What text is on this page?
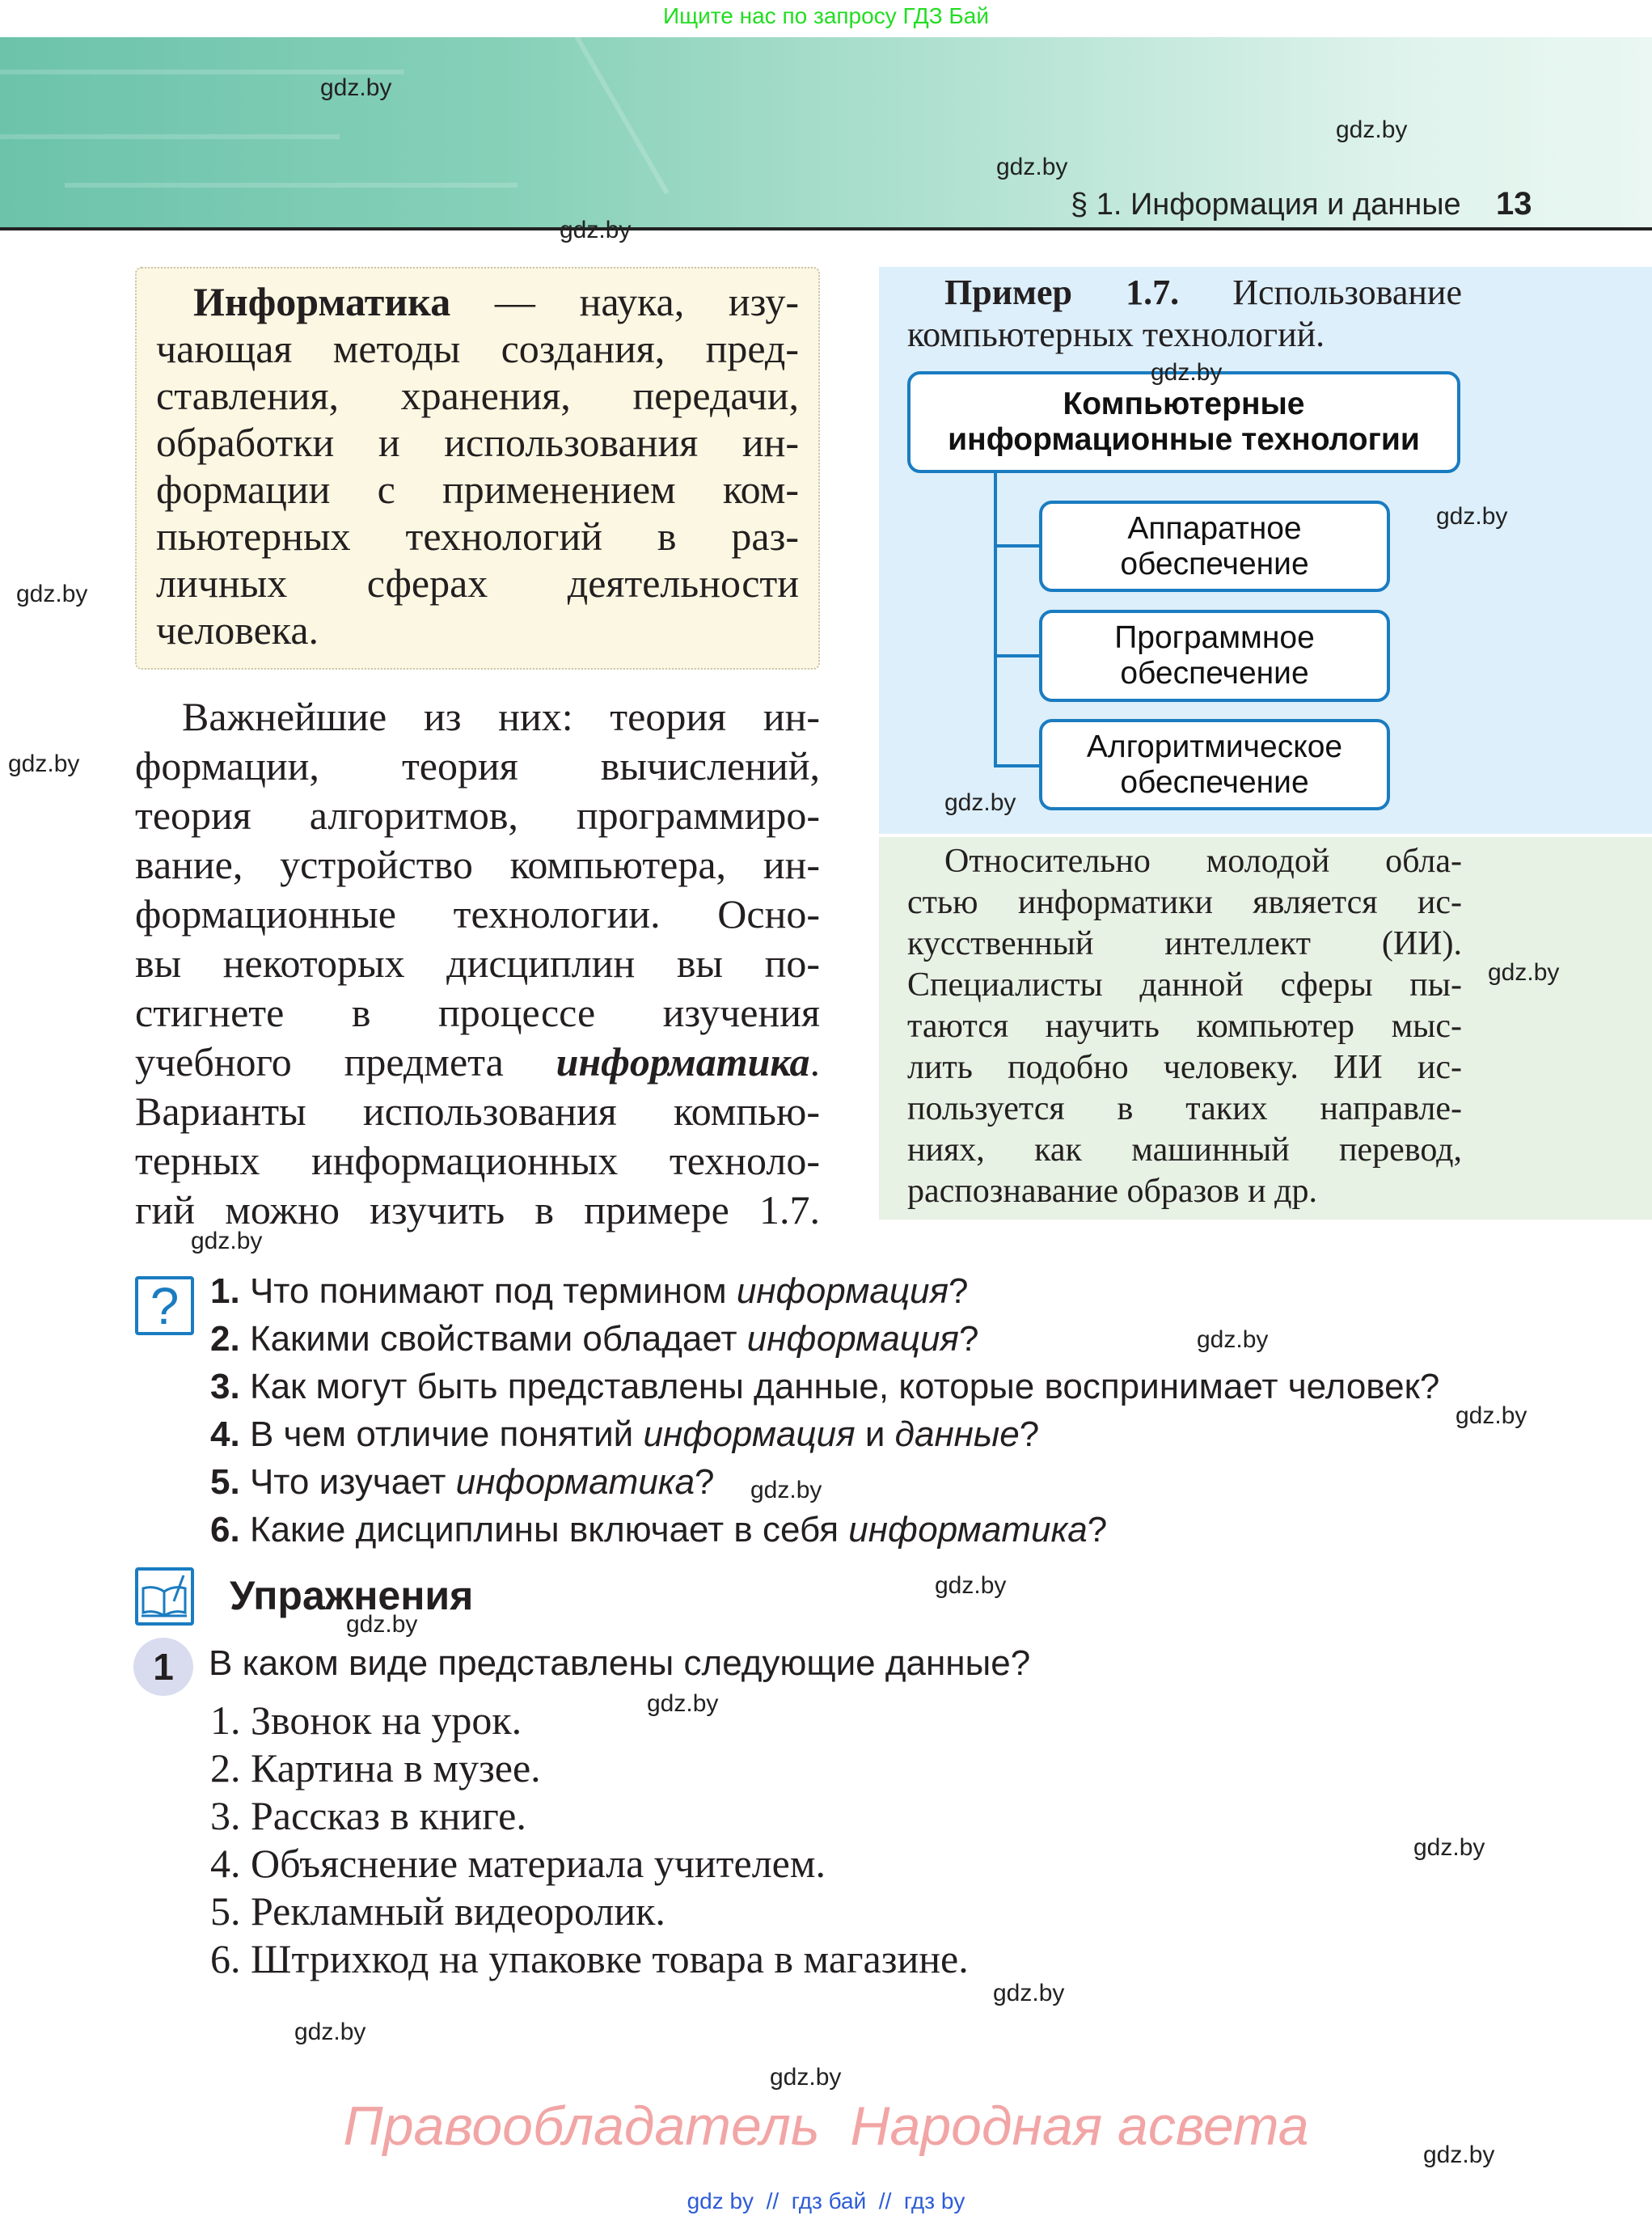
Ищите нас по запросу ГДЗ Бай
§ 1. Информация и данные 13
Информатика — наука, изу-
чающая методы создания, пред-
ставления, хранения, передачи,
обработки и использования ин-
формации с применением ком-
пьютерных технологий в раз-
личных сферах деятельности
человека.
Важнейшие из них: теория ин-
формации, теория вычислений,
теория алгоритмов, программиро-
вание, устройство компьютера, ин-
формационные технологии. Осно-
вы некоторых дисциплин вы по-
стигнете в процессе изучения
учебного предмета информатика.
Варианты использования компью-
терных информационных техноло-
гий можно изучить в примере 1.7.
Пример 1.7. Использование
компьютерных технологий.
Компьютерные
информационные технологии
Аппаратное
обеспечение
Программное
обеспечение
Алгоритмическое
обеспечение
Относительно молодой обла-
стью информатики является ис-
кусственный интеллект (ИИ).
Специалисты данной сферы пы-
таются научить компьютер мыс-
лить подобно человеку. ИИ ис-
пользуется в таких направле-
ниях, как машинный перевод,
распознавание образов и др.
? 1. Что понимают под термином информация?
2. Какими свойствами обладает информация?
3. Как могут быть представлены данные, которые воспринимает человек?
4. В чем отличие понятий информация и данные?
5. Что изучает информатика?
6. Какие дисциплины включает в себя информатика?
Упражнения
1 В каком виде представлены следующие данные?
1. Звонок на урок.
2. Картина в музее.
3. Рассказ в книге.
4. Объяснение материала учителем.
5. Рекламный видеоролик.
6. Штрихкод на упаковке товара в магазине.
gdz.by
gdz.by
gdz.by
gdz.by
gdz.by
gdz.by
gdz.by
gdz.by
gdz.by
gdz.by
gdz.by
gdz.by
gdz.by
gdz.by
gdz.by
gdz.by
gdz.by
gdz.by
gdz.by
gdz.by
gdz.by
gdz.by
Правообладатель  Народная асвета
gdz by  //  гдз бай  //  гдз by
